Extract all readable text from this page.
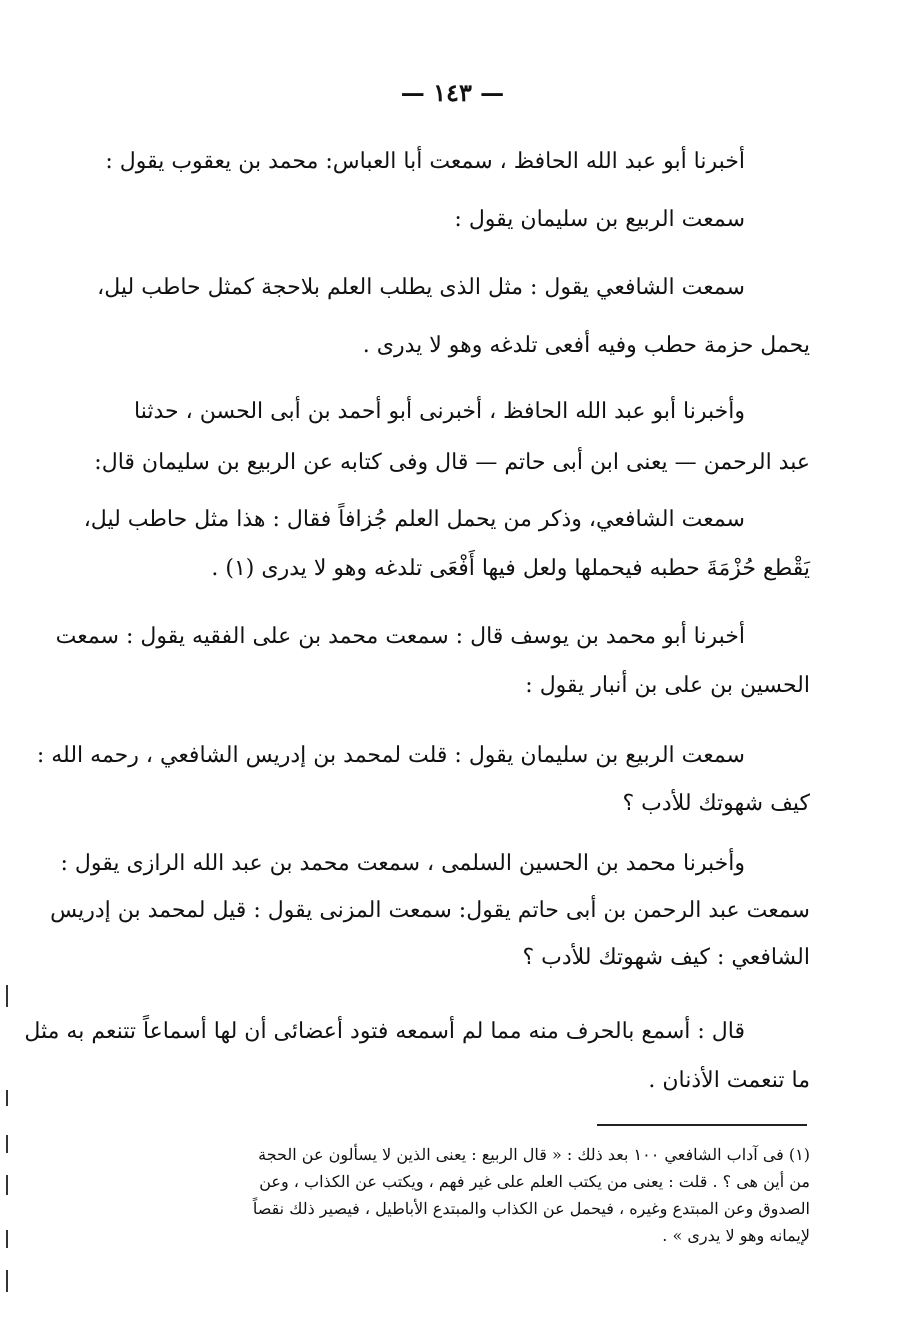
— ١٤٣ —
أخبرنا أبو عبد الله الحافظ ، سمعت أبا العباس: محمد بن يعقوب يقول :
سمعت الربيع بن سليمان يقول :
سمعت الشافعي يقول : مثل الذى يطلب العلم بلاحجة كمثل حاطب ليل،
يحمل حزمة حطب وفيه أفعى تلدغه وهو لا يدرى .
وأخبرنا أبو عبد الله الحافظ ، أخبرنى أبو أحمد بن أبى الحسن ، حدثنا
عبد الرحمن — يعنى ابن أبى حاتم — قال وفى كتابه عن الربيع بن سليمان قال:
سمعت الشافعي، وذكر من يحمل العلم جُزافاً فقال : هذا مثل حاطب ليل،
يَقْطع حُزْمَةَ حطبه فيحملها ولعل فيها أَفْعَى تلدغه وهو لا يدرى (١) .
أخبرنا أبو محمد بن يوسف قال : سمعت محمد بن على الفقيه يقول : سمعت
الحسين بن على بن أنبار يقول :
سمعت الربيع بن سليمان يقول : قلت لمحمد بن إدريس الشافعي ، رحمه الله :
كيف شهوتك للأدب ؟
وأخبرنا محمد بن الحسين السلمى ، سمعت محمد بن عبد الله الرازى يقول :
سمعت عبد الرحمن بن أبى حاتم يقول: سمعت المزنى يقول : قيل لمحمد بن إدريس
الشافعي : كيف شهوتك للأدب ؟
قال : أسمع بالحرف منه مما لم أسمعه فتود أعضائى أن لها أسماعاً تتنعم به مثل
ما تنعمت الأذنان .
(١) فى آداب الشافعي ١٠٠ بعد ذلك : « قال الربيع : يعنى الذين لا يسألون عن الحجة
من أين هى ؟ . قلت : يعنى من يكتب العلم على غير فهم ، ويكتب عن الكذاب ، وعن
الصدوق وعن المبتدع وغيره ، فيحمل عن الكذاب والمبتدع الأباطيل ، فيصير ذلك نقصاً
لإيمانه وهو لا يدرى » .
